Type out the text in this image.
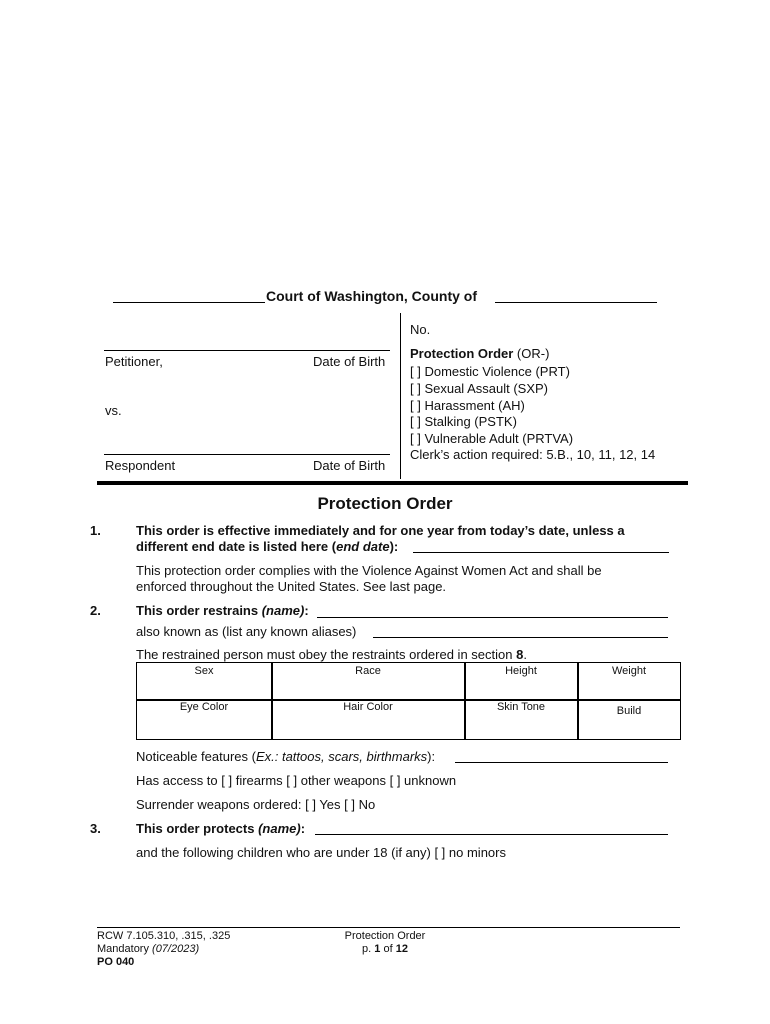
Court of Washington, County of
Petitioner,	Date of Birth
vs.
Respondent	Date of Birth
No.
Protection Order (OR-)
[ ] Domestic Violence (PRT)
[ ] Sexual Assault (SXP)
[ ] Harassment (AH)
[ ] Stalking (PSTK)
[ ] Vulnerable Adult (PRTVA)
Clerk’s action required: 5.B., 10, 11, 12, 14
Protection Order
1.	This order is effective immediately and for one year from today’s date, unless a
different end date is listed here (end date):
This protection order complies with the Violence Against Women Act and shall be
enforced throughout the United States. See last page.
2.	This order restrains (name):
also known as (list any known aliases)
The restrained person must obey the restraints ordered in section 8.
Sex	Race	Height	Weight
Eye Color	Hair Color	Skin Tone	Build
Noticeable features (Ex.: tattoos, scars, birthmarks):
Has access to [ ] firearms [ ] other weapons [ ] unknown
Surrender weapons ordered: [ ] Yes [ ] No
3.	This order protects (name):
and the following children who are under 18 (if any) [ ] no minors
RCW 7.105.310, .315, .325
Mandatory (07/2023)
PO 040
Protection Order
p. 1 of 12
